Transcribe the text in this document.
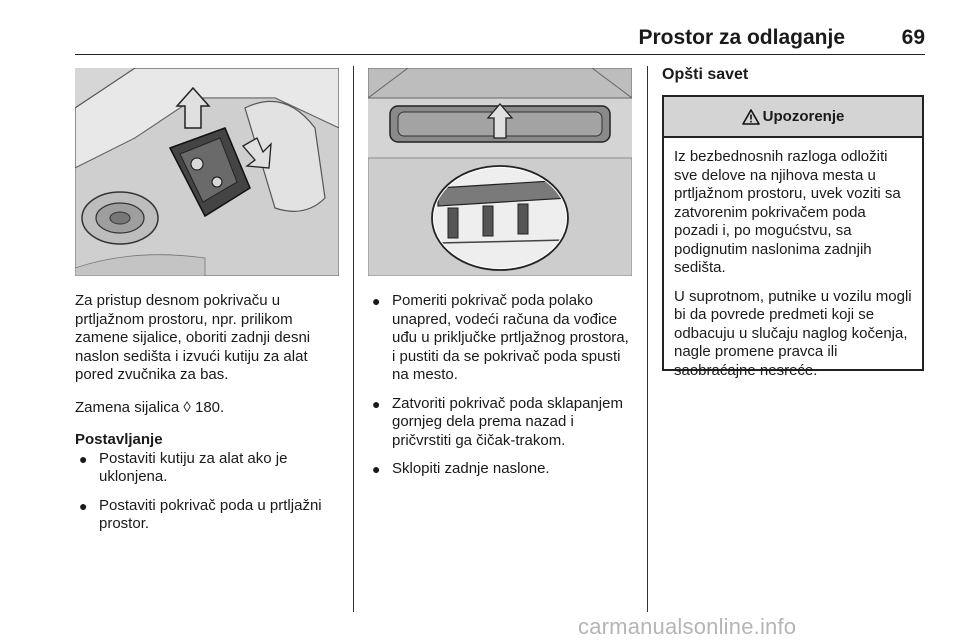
Prostor za odlaganje	69

Za pristup desnom pokrivaču u prtljažnom prostoru, npr. prilikom zamene sijalice, oboriti zadnji desni naslon sedišta i izvući kutiju za alat pored zvučnika za bas.

Zamena sijalica ◊ 180.

Postavljanje

● Postaviti kutiju za alat ako je uklonjena.
● Postaviti pokrivač poda u prtljažni prostor.
● Pomeriti pokrivač poda polako unapred, vodeći računa da vođice uđu u priključke prtljažnog prostora, i pustiti da se pokrivač poda spusti na mesto.
● Zatvoriti pokrivač poda sklapanjem gornjeg dela prema nazad i pričvrstiti ga čičak-trakom.
● Sklopiti zadnje naslone.
Opšti savet
Upozorenje

Iz bezbednosnih razloga odložiti sve delove na njihova mesta u prtljažnom prostoru, uvek voziti sa zatvorenim pokrivačem poda pozadi i, po mogućstvu, sa podignutim naslonima zadnjih sedišta.

U suprotnom, putnike u vozilu mogli bi da povrede predmeti koji se odbacuju u slučaju naglog kočenja, nagle promene pravca ili saobraćajne nesreće.

carmanualsonline.info
